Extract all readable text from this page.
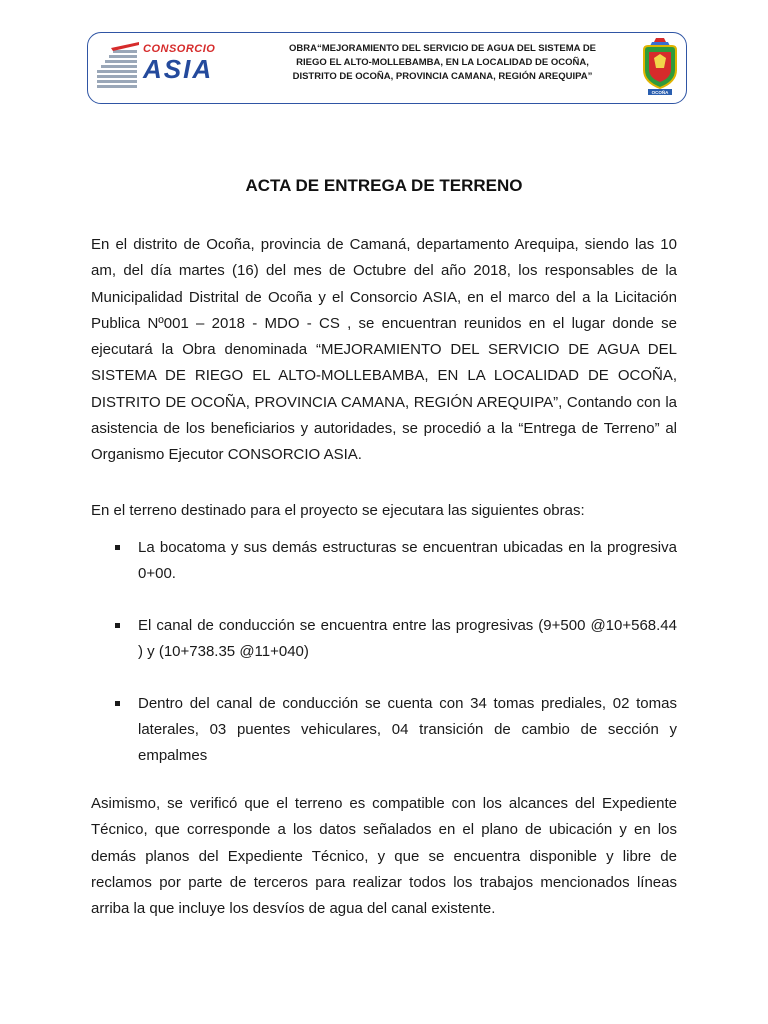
CONSORCIO
ASIA
OBRA“MEJORAMIENTO DEL SERVICIO DE AGUA DEL SISTEMA DE
RIEGO EL ALTO-MOLLEBAMBA, EN LA LOCALIDAD DE OCOÑA,
DISTRITO DE OCOÑA, PROVINCIA CAMANA, REGIÓN AREQUIPA”
OCOÑA
ACTA DE ENTREGA DE TERRENO

En el distrito de Ocoña, provincia de Camaná, departamento Arequipa, siendo las 10 am, del día martes (16) del mes de Octubre del año 2018, los responsables de la Municipalidad Distrital de Ocoña y el Consorcio ASIA, en el marco del a la Licitación Publica Nº001 – 2018 - MDO - CS , se encuentran reunidos en el lugar donde se ejecutará la Obra denominada “MEJORAMIENTO DEL SERVICIO DE AGUA DEL SISTEMA DE RIEGO EL ALTO-MOLLEBAMBA, EN LA LOCALIDAD DE OCOÑA, DISTRITO DE OCOÑA, PROVINCIA CAMANA, REGIÓN AREQUIPA”, Contando con la asistencia de los beneficiarios y autoridades, se procedió a la “Entrega de Terreno” al Organismo Ejecutor CONSORCIO ASIA.

En el terreno destinado para el proyecto se ejecutara las siguientes obras:

La bocatoma y sus demás estructuras se encuentran ubicadas en la progresiva 0+00.
El canal de conducción se encuentra entre las progresivas (9+500 @10+568.44 ) y (10+738.35 @11+040)
Dentro del canal de conducción se cuenta con 34 tomas prediales, 02 tomas laterales, 03 puentes vehiculares, 04 transición de cambio de sección y empalmes

Asimismo, se verificó que el terreno es compatible con los alcances del Expediente Técnico, que corresponde a los datos señalados en el plano de ubicación y en los demás planos del Expediente Técnico, y que se encuentra disponible y libre de reclamos por parte de terceros para realizar todos los trabajos mencionados líneas arriba la que incluye los desvíos de agua del canal existente.
